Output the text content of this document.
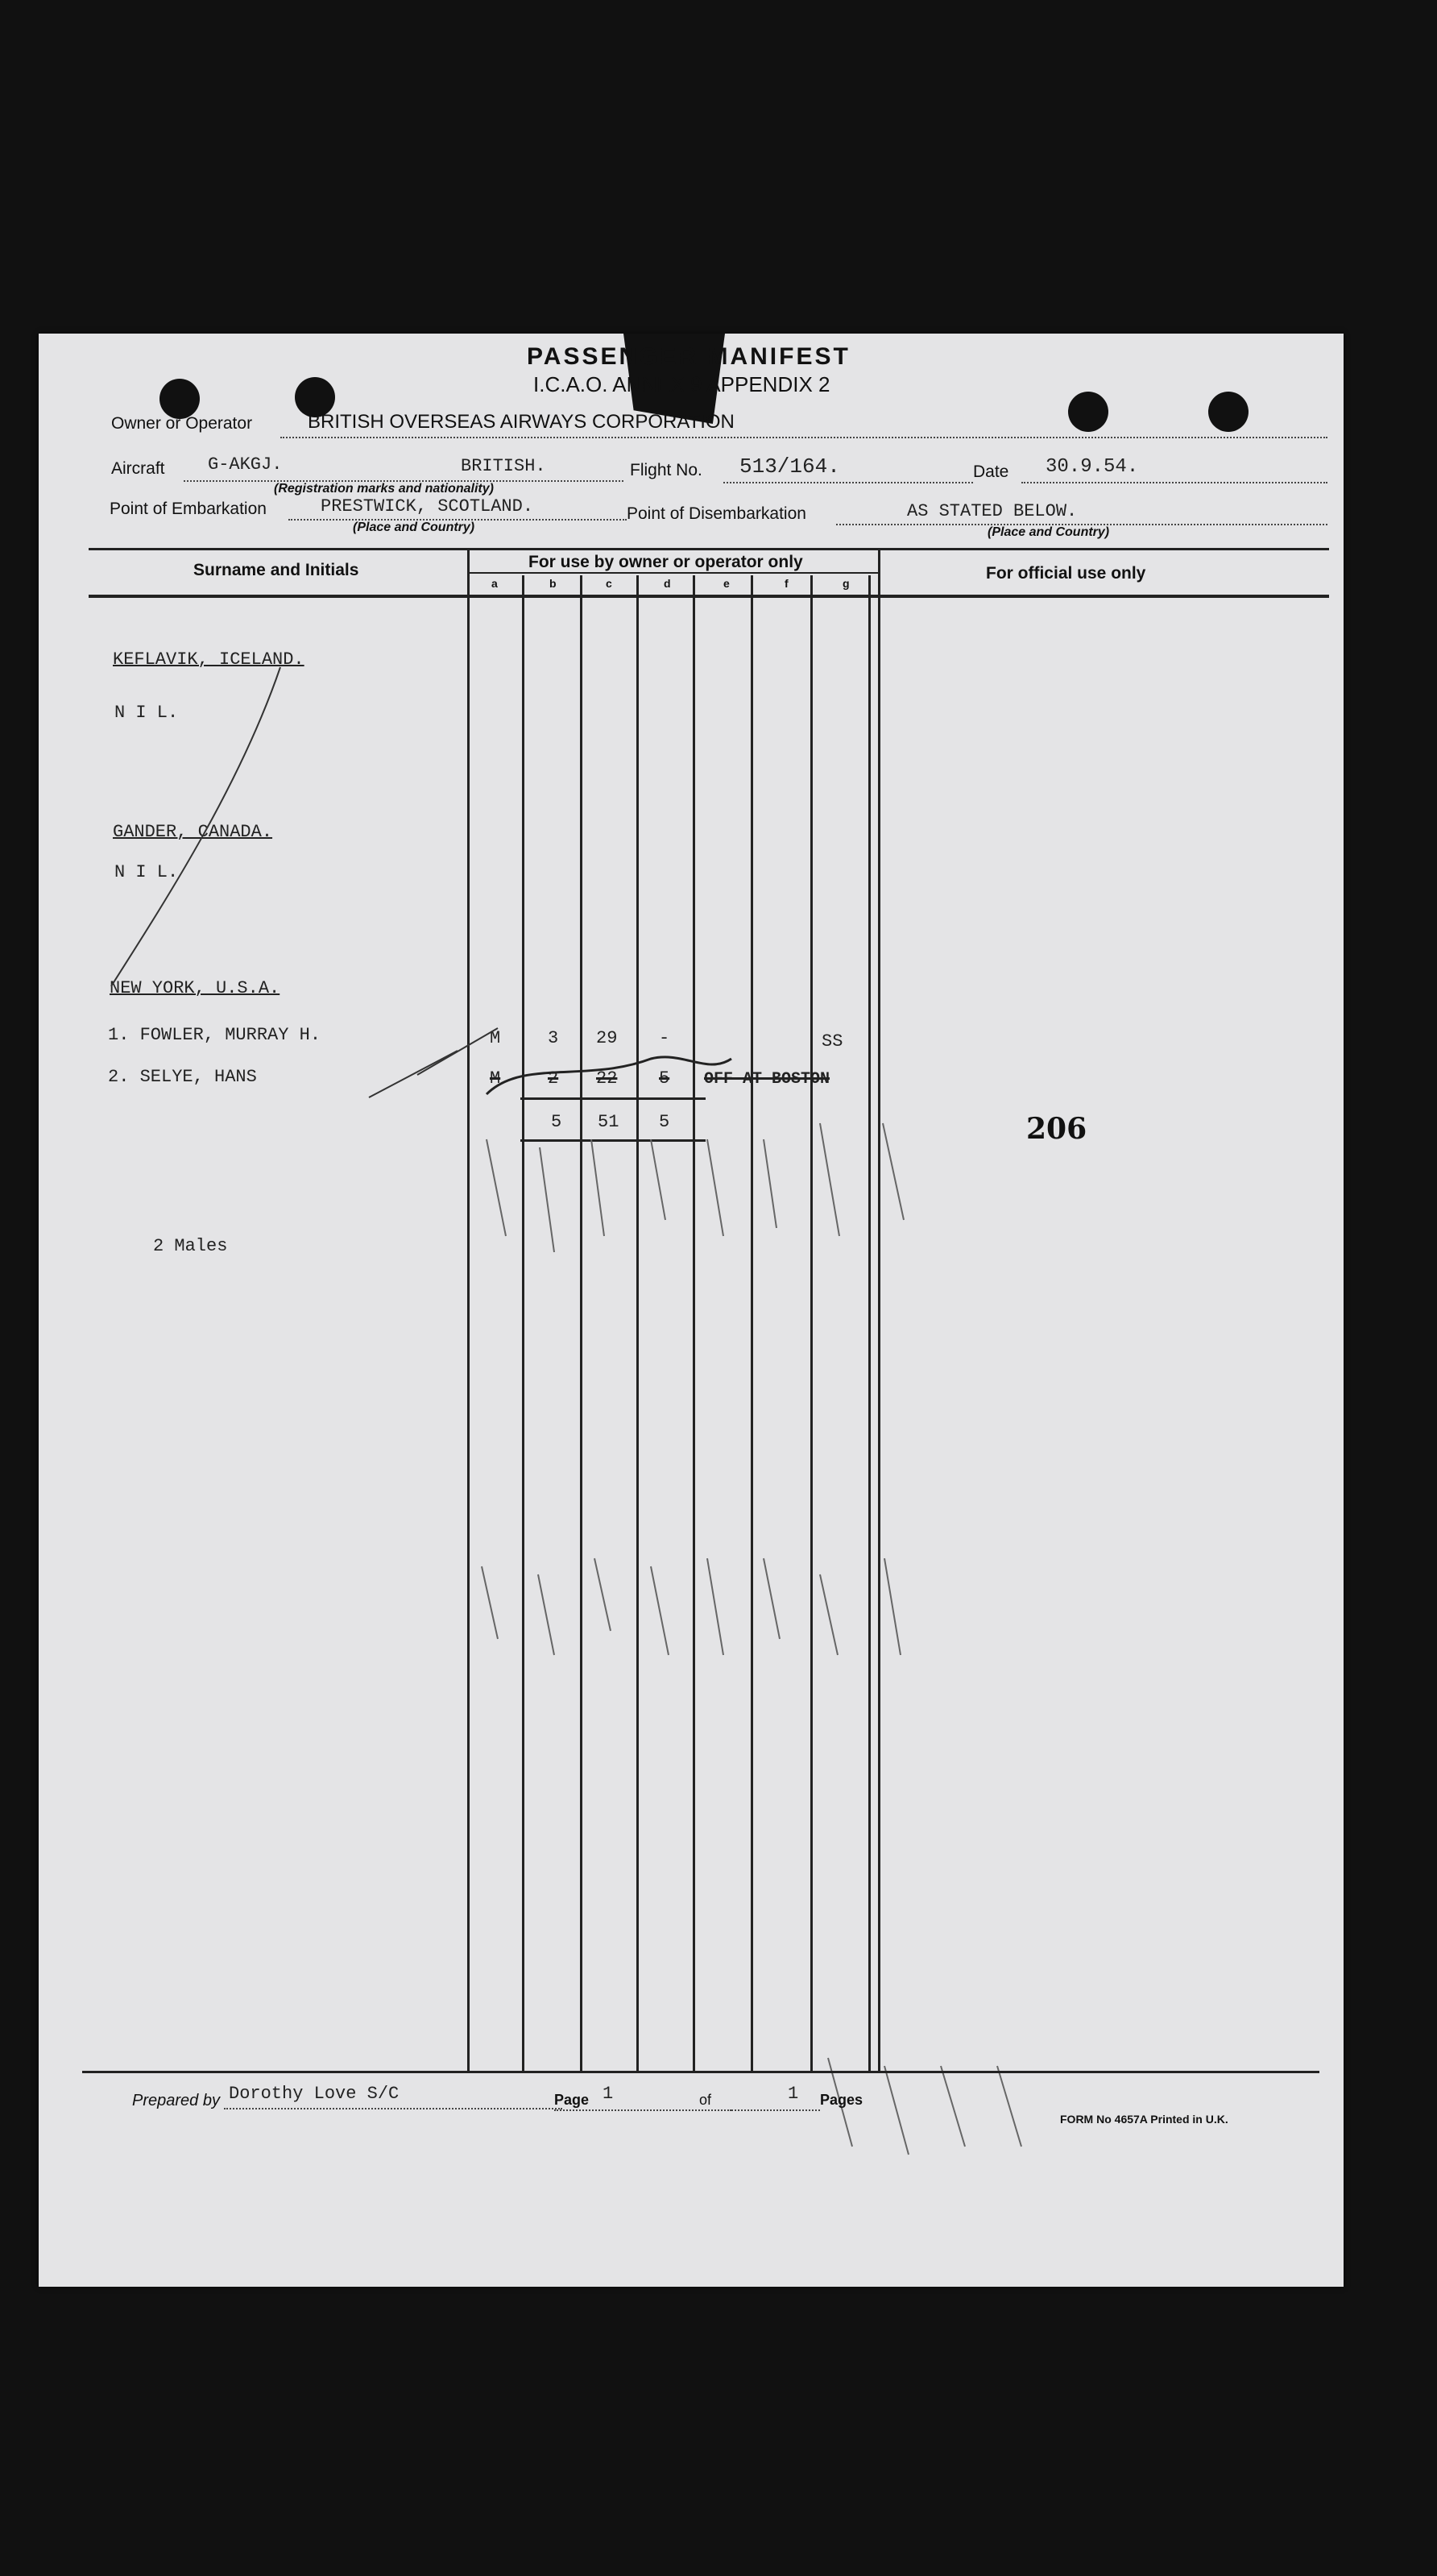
PASSENGER MANIFEST
I.C.A.O. ANNEX 9 APPENDIX 2
Owner or Operator	BRITISH OVERSEAS AIRWAYS CORPORATION
Aircraft G-AKGJ.	BRITISH.
(Registration marks and nationality)
Flight No. 513/164.	Date 30.9.54.
Point of Embarkation	PRESTWICK, SCOTLAND.
(Place and Country)
Point of Disembarkation	AS STATED BELOW.
(Place and Country)
Surname and Initials	For use by owner or operator only
For official use only
a	b	c	d	e	f	g
KEFLAVIK, ICELAND.
N I L.
GANDER, CANADA.
N I L.
NEW YORK, U.S.A.
1. FOWLER, MURRAY H.	M	3 29 -	SS
2. SELYE, HANS	M	2 22 5 OFF AT BOSTON
5 51 5
2 Males
206
Prepared by Dorothy Love S/C	Page 1	of	1 Pages
FORM No 4657A Printed in U.K.
